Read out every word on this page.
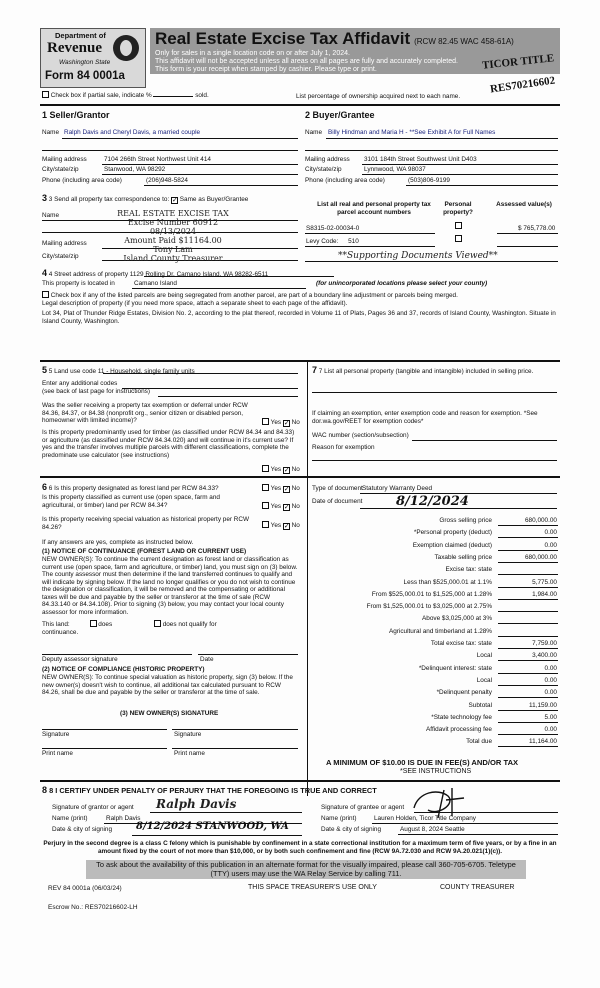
Department of
Revenue
Washington State
Form 84 0001a
Real Estate Excise Tax Affidavit (RCW 82.45 WAC 458-61A)
Only for sales in a single location code on or after July 1, 2024.
This affidavit will not be accepted unless all areas on all pages are fully and accurately completed.
This form is your receipt when stamped by cashier. Please type or print.	TICOR TITLE
RES70216602
Check box if partial sale, indicate %	sold.	List percentage of ownership acquired next to each name.
1 Seller/Grantor
Name Ralph Davis and Cheryl Davis, a married couple
Mailing address	7104 266th Street Northwest Unit 414
City/state/zip	Stanwood, WA 98292
Phone (including area code)	(206)948-5824
2 Buyer/Grantee
Name Billy Hindman and Maria H - **See Exhibit A for Full Names
Mailing address 3101 184th Street Southwest Unit D403
City/state/zip	Lynnwood, WA 98037
Phone (including area code)	(503)806-9199
3 3 Send all property tax correspondence to: ✓ Same as Buyer/Grantee
Name
Mailing address
City/state/zip
REAL ESTATE EXCISE TAX
Excise Number 60912
08/13/2024
Amount Paid $11164.00
Tony Lam
Island County Treasurer
List all real and personal property tax parcel account numbers
Personal property?
Assessed value(s)
S8315-02-00034-0	$ 765,778.00
Levy Code: 510
**Supporting Documents Viewed**
4 4 Street address of property 1129 Rolling Dr, Camano Island, WA 98282-6511
This property is located in	Camano Island	(for unincorporated locations please select your county)
Check box if any of the listed parcels are being segregated from another parcel, are part of a boundary line adjustment or parcels being merged.
Legal description of property (if you need more space, attach a separate sheet to each page of the affidavit).
Lot 34, Plat of Thunder Ridge Estates, Division No. 2, according to the plat thereof, recorded in Volume 11 of Plats, Pages 36 and 37, records of Island County, Washington. Situate in Island County, Washington.
5 5 Land use code 11 - Household, single family units
Enter any additional codes
(see back of last page for instructions)
Was the seller receiving a property tax exemption or deferral under RCW 84.36, 84.37, or 84.38 (nonprofit org., senior citizen or disabled person, homeowner with limited income)?	Yes ✓ No
Is this property predominantly used for timber (as classified under RCW 84.34 and 84.33) or agriculture (as classified under RCW 84.34.020) and will continue in it's current use? If yes and the transfer involves multiple parcels with different classifications, complete the predominate use calculator (see instructions)
Yes ✓ No
7 7 List all personal property (tangible and intangible) included in selling price.
If claiming an exemption, enter exemption code and reason for exemption. *See dor.wa.gov/REET for exemption codes*
WAC number (section/subsection)
Reason for exemption
6 6 Is this property designated as forest land per RCW 84.33?	Yes ✓ No
Is this property classified as current use (open space, farm and agricultural, or timber) land per RCW 84.34?	Yes ✓ No
Is this property receiving special valuation as historical property per RCW 84.26?	Yes ✓ No
If any answers are yes, complete as instructed below.
(1) NOTICE OF CONTINUANCE (FOREST LAND OR CURRENT USE)
NEW OWNER(S): To continue the current designation as forest land or classification as current use (open space, farm and agriculture, or timber) land, you must sign on (3) below. The county assessor must then determine if the land transferred continues to qualify and will indicate by signing below. If the land no longer qualifies or you do not wish to continue the designation or classification, it will be removed and the compensating or additional taxes will be due and payable by the seller or transferor at the time of sale (RCW 84.33.140 or 84.34.108). Prior to signing (3) below, you may contact your local county assessor for more information.
This land:	does	does not qualify for
continuance.
Deputy assessor signature	Date
(2) NOTICE OF COMPLIANCE (HISTORIC PROPERTY)
NEW OWNER(S): To continue special valuation as historic property, sign (3) below. If the new owner(s) doesn't wish to continue, all additional tax calculated pursuant to RCW 84.26, shall be due and payable by the seller or transferor at the time of sale.
(3) NEW OWNER(S) SIGNATURE
Signature	Signature
Print name	Print name
Type of document Statutory Warranty Deed
Date of document	8/12/2024
Gross selling price	680,000.00
*Personal property (deduct)	0.00
Exemption claimed (deduct)	0.00
Taxable selling price	680,000.00
Excise tax: state
Less than $525,000.01 at 1.1%	5,775.00
From $525,000.01 to $1,525,000 at 1.28%	1,984.00
From $1,525,000.01 to $3,025,000 at 2.75%
Above $3,025,000 at 3%
Agricultural and timberland at 1.28%
Total excise tax: state	7,759.00
Local	3,400.00
*Delinquent interest: state	0.00
Local	0.00
*Delinquent penalty	0.00
Subtotal	11,159.00
*State technology fee	5.00
Affidavit processing fee	0.00
Total due	11,164.00
A MINIMUM OF $10.00 IS DUE IN FEE(S) AND/OR TAX
*SEE INSTRUCTIONS
8 8 I CERTIFY UNDER PENALTY OF PERJURY THAT THE FOREGOING IS TRUE AND CORRECT
Signature of grantor or agent Ralph Davis
Name (print)	Ralph Davis
Date & city of signing 8/12/2024 STANWOOD, WA
Signature of grantee or agent
Name (print)	Lauren Holden, Ticor Title Company
Date & city of signing	August 8, 2024 Seattle
Perjury in the second degree is a class C felony which is punishable by confinement in a state correctional institution for a maximum term of five years, or by a fine in an amount fixed by the court of not more than $10,000, or by both such confinement and fine (RCW 9A.72.030 and RCW 9A.20.021(1)(c)).
To ask about the availability of this publication in an alternate format for the visually impaired, please call 360-705-6705. Teletype (TTY) users may use the WA Relay Service by calling 711.
REV 84 0001a (06/03/24)	THIS SPACE TREASURER'S USE ONLY	COUNTY TREASURER
Escrow No.: RES70216602-LH
